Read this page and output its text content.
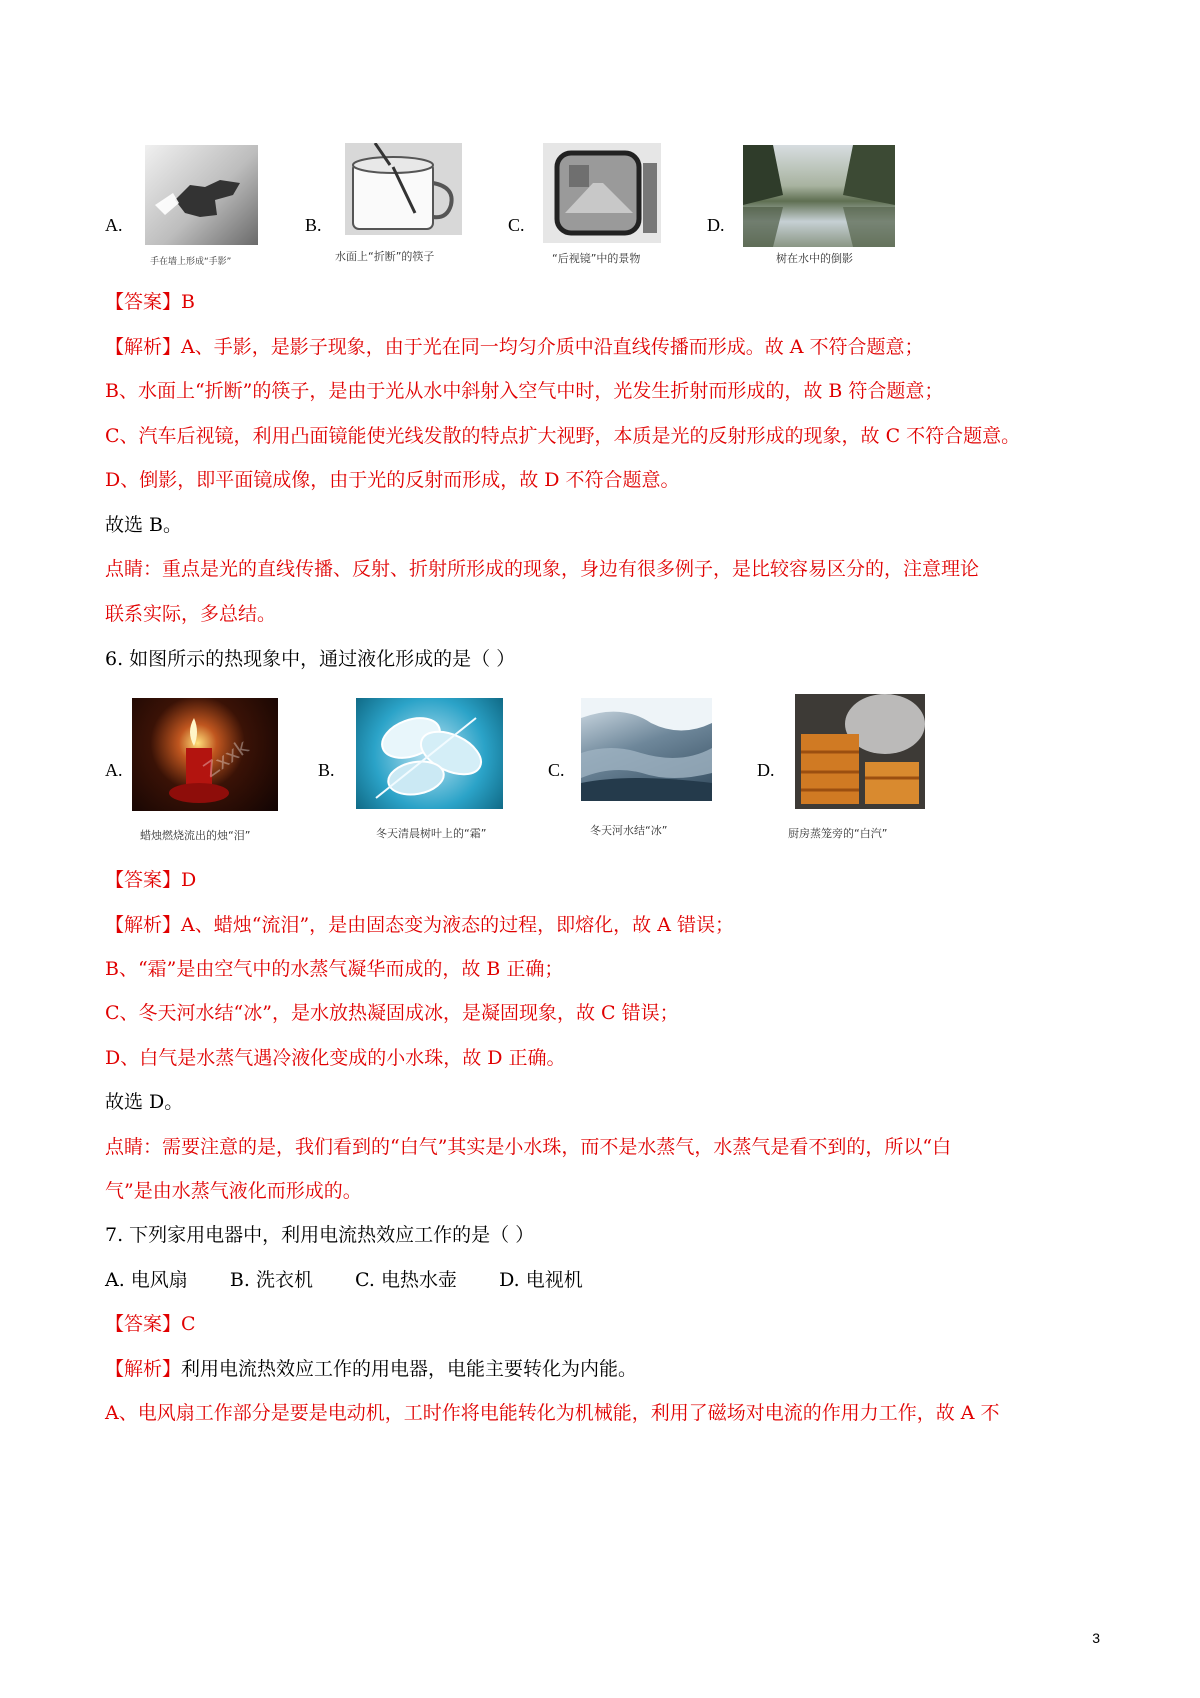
A.
手在墙上形成“手影”
B.
水面上“折断”的筷子
C.
“后视镜”中的景物
D.
树在水中的倒影
【答案】B
【解析】A、手影，是影子现象，由于光在同一均匀介质中沿直线传播而形成。故 A 不符合题意；
B、水面上“折断”的筷子，是由于光从水中斜射入空气中时，光发生折射而形成的，故 B 符合题意；
C、汽车后视镜，利用凸面镜能使光线发散的特点扩大视野，本质是光的反射形成的现象，故 C 不符合题意。
D、倒影，即平面镜成像，由于光的反射而形成，故 D 不符合题意。
故选 B。
点睛：重点是光的直线传播、反射、折射所形成的现象，身边有很多例子，是比较容易区分的，注意理论
联系实际，多总结。
6. 如图所示的热现象中，通过液化形成的是（ ）
A.	Zxxk
蜡烛燃烧流出的烛“泪”
B.
冬天清晨树叶上的“霜”
C.
冬天河水结“冰”
D.
厨房蒸笼旁的“白汽”
【答案】D
【解析】A、蜡烛“流泪”，是由固态变为液态的过程，即熔化，故 A 错误；
B、“霜”是由空气中的水蒸气凝华而成的，故 B 正确；
C、冬天河水结“冰”，是水放热凝固成冰，是凝固现象，故 C 错误；
D、白气是水蒸气遇冷液化变成的小水珠，故 D 正确。
故选 D。
点睛：需要注意的是，我们看到的“白气”其实是小水珠，而不是水蒸气，水蒸气是看不到的，所以“白
气”是由水蒸气液化而形成的。
7. 下列家用电器中，利用电流热效应工作的是（ ）
A. 电风扇 B. 洗衣机 C. 电热水壶 D. 电视机
【答案】C
【解析】利用电流热效应工作的用电器，电能主要转化为内能。
A、电风扇工作部分是要是电动机，工时作将电能转化为机械能，利用了磁场对电流的作用力工作，故 A 不
3
